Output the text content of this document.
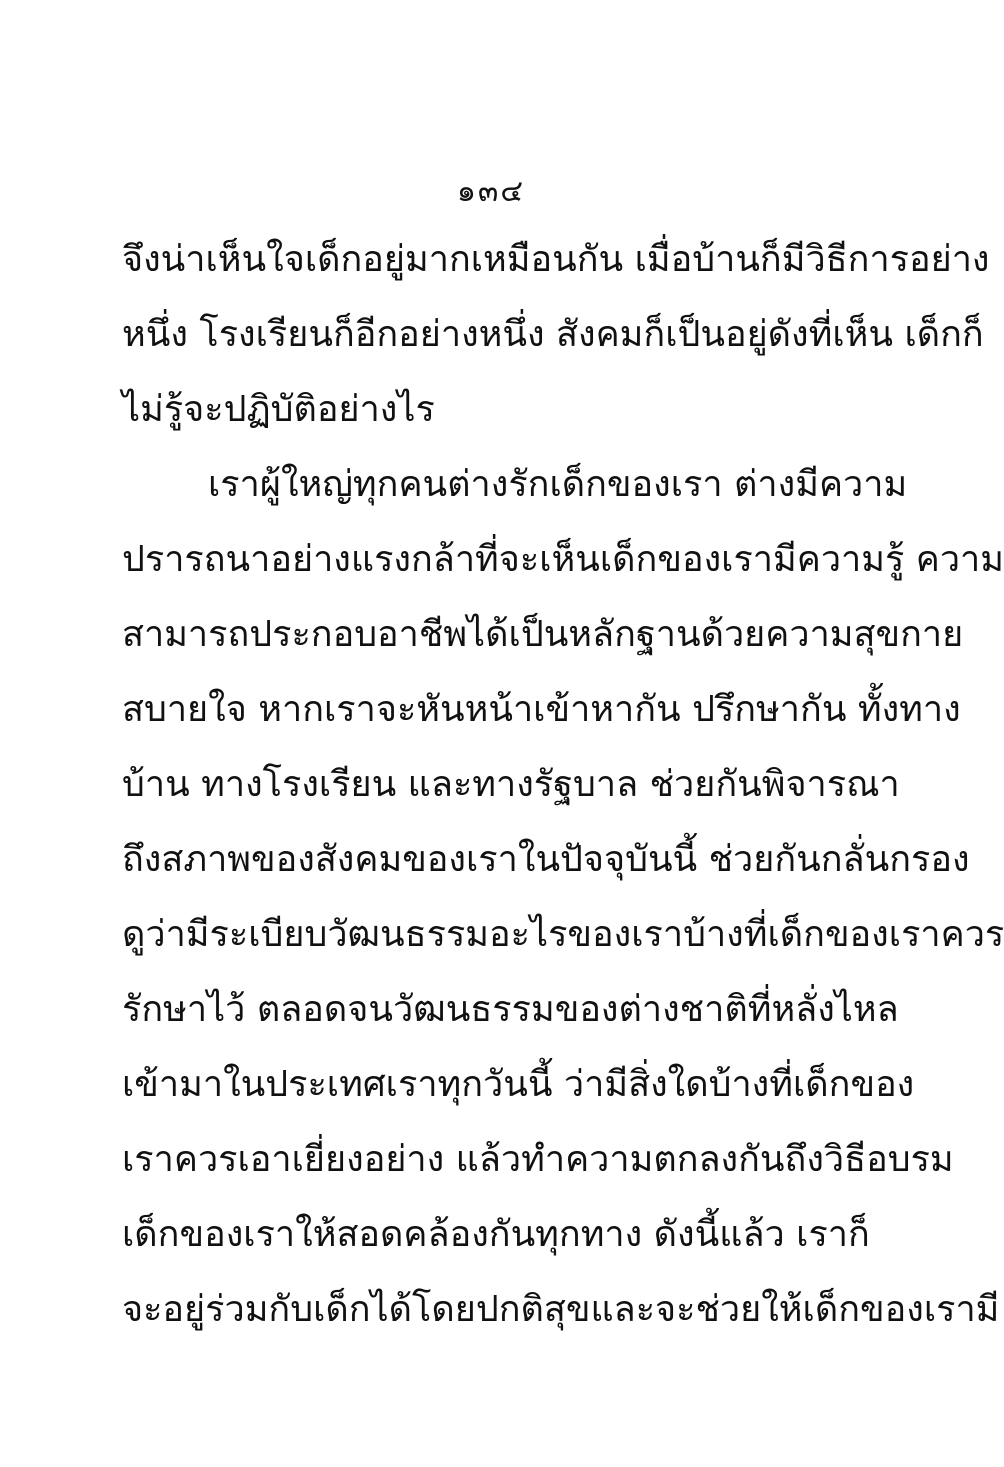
๑๓๔
จึงน่าเห็นใจเด็กอยู่มากเหมือนกัน เมื่อบ้านก็มีวิธีการอย่าง
หนึ่ง โรงเรียนก็อีกอย่างหนึ่ง สังคมก็เป็นอยู่ดังที่เห็น เด็กก็
ไม่รู้จะปฏิบัติอย่างไร
เราผู้ใหญ่ทุกคนต่างรักเด็กของเรา ต่างมีความ
ปรารถนาอย่างแรงกล้าที่จะเห็นเด็กของเรามีความรู้ ความ
สามารถประกอบอาชีพได้เป็นหลักฐานด้วยความสุขกาย
สบายใจ หากเราจะหันหน้าเข้าหากัน ปรึกษากัน ทั้งทาง
บ้าน ทางโรงเรียน และทางรัฐบาล ช่วยกันพิจารณา
ถึงสภาพของสังคมของเราในปัจจุบันนี้ ช่วยกันกลั่นกรอง
ดูว่ามีระเบียบวัฒนธรรมอะไรของเราบ้างที่เด็กของเราควร
รักษาไว้ ตลอดจนวัฒนธรรมของต่างชาติที่หลั่งไหล
เข้ามาในประเทศเราทุกวันนี้ ว่ามีสิ่งใดบ้างที่เด็กของ
เราควรเอาเยี่ยงอย่าง แล้วทำความตกลงกันถึงวิธีอบรม
เด็กของเราให้สอดคล้องกันทุกทาง ดังนี้แล้ว เราก็
จะอยู่ร่วมกับเด็กได้โดยปกติสุขและจะช่วยให้เด็กของเรามี
